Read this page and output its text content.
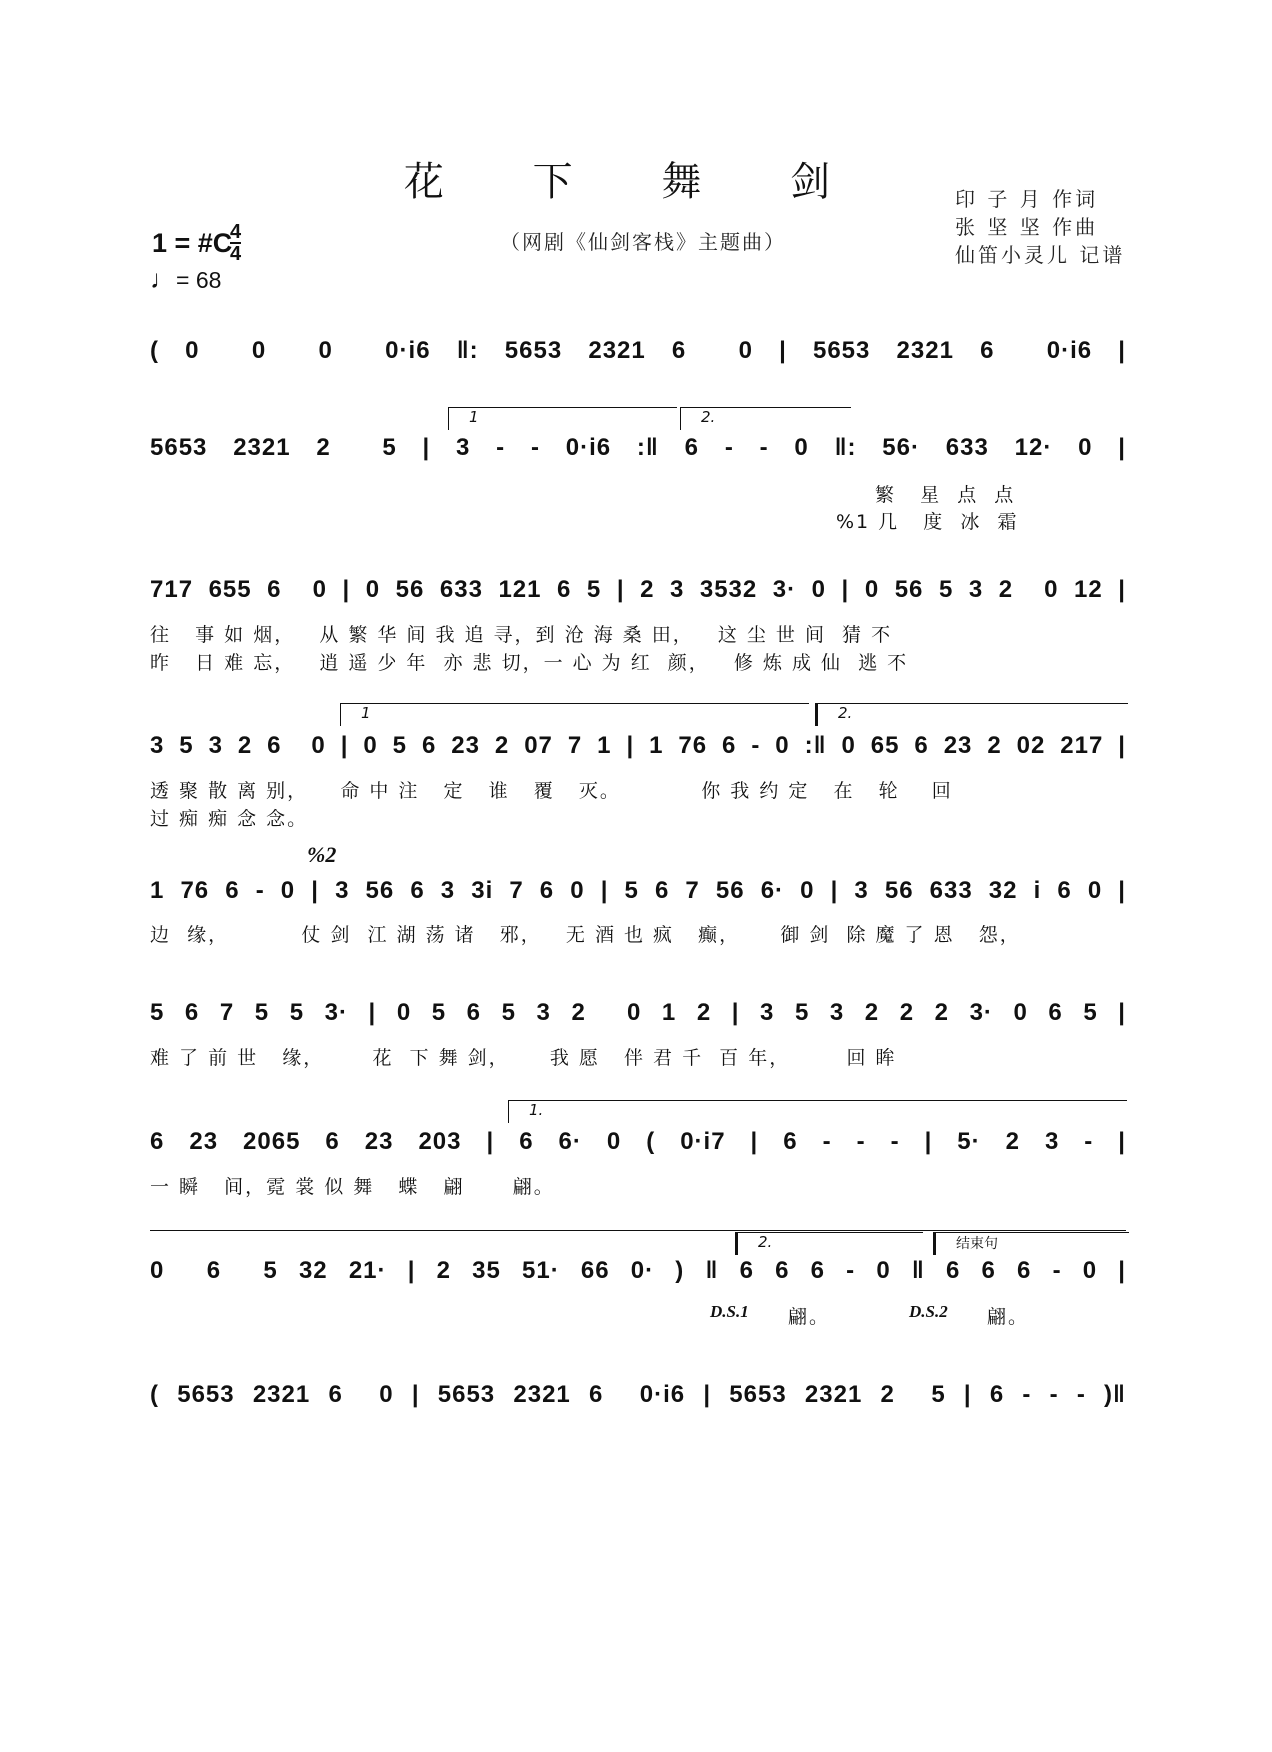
花 下 舞 剑
（网剧《仙剑客栈》主题曲）
印 子 月 作词
张 坚 坚 作曲
仙笛小灵儿 记谱
1 = #C
4
4
♩= 68
( 0  0  0  0·i6 ‖: 5653 2321 6  0 | 5653 2321 6  0·i6 |
1	2.
5653 2321 2  5 | 3 - - 0·i6 :‖ 6 - - 0 ‖: 56· 633 12· 0 |
繁   星  点  点
%1 几   度  冰  霜
717 655 6  0 | 0 56 633 121 6 5 | 2 3 3532 3· 0 | 0 56 5 3 2  0 12 |
往   事 如 烟，   从 繁 华 间 我 追 寻，到 沧 海 桑 田，   这 尘 世 间  猜 不
昨   日 难 忘，   逍 遥 少 年  亦 悲 切，一 心 为 红  颜，   修 炼 成 仙  逃 不
1	2.
3 5 3 2 6  0 | 0 5 6 23 2 07 7 1 | 1 76 6 - 0 :‖ 0 65 6 23 2 02 217 |
透 聚 散 离 别，    命 中 注   定   谁   覆   灭。          你 我 约 定   在   轮    回
过 痴 痴 念 念。
%2
1 76 6 - 0 | 3 56 6 3 3i 7 6 0 | 5 6 7 56 6· 0 | 3 56 633 32 i 6 0 |
边  缘，         仗 剑  江 湖 荡 诸   邪，   无 酒 也 疯   癫，     御 剑  除 魔 了 恩   怨，
5 6 7 5 5 3· | 0 5 6 5 3 2  0 1 2 | 3 5 3 2 2 2 3· 0 6 5 |
难 了 前 世   缘，      花  下 舞 剑，     我 愿   伴 君 千  百 年，       回 眸
1.
6 23 2065 6 23 203 | 6 6· 0 ( 0·i7 | 6 - - - | 5· 2 3 - |
一 瞬   间，霓 裳 似 舞   蝶   翩      翩。
2.	结束句
0  6  5 32 21· | 2 35 51· 66 0· ) ‖ 6 6 6 - 0 ‖ 6 6 6 - 0 |
D.S.1 翩。	D.S.2 翩。
( 5653 2321 6  0 | 5653 2321 6  0·i6 | 5653 2321 2  5 | 6 - - - )‖
